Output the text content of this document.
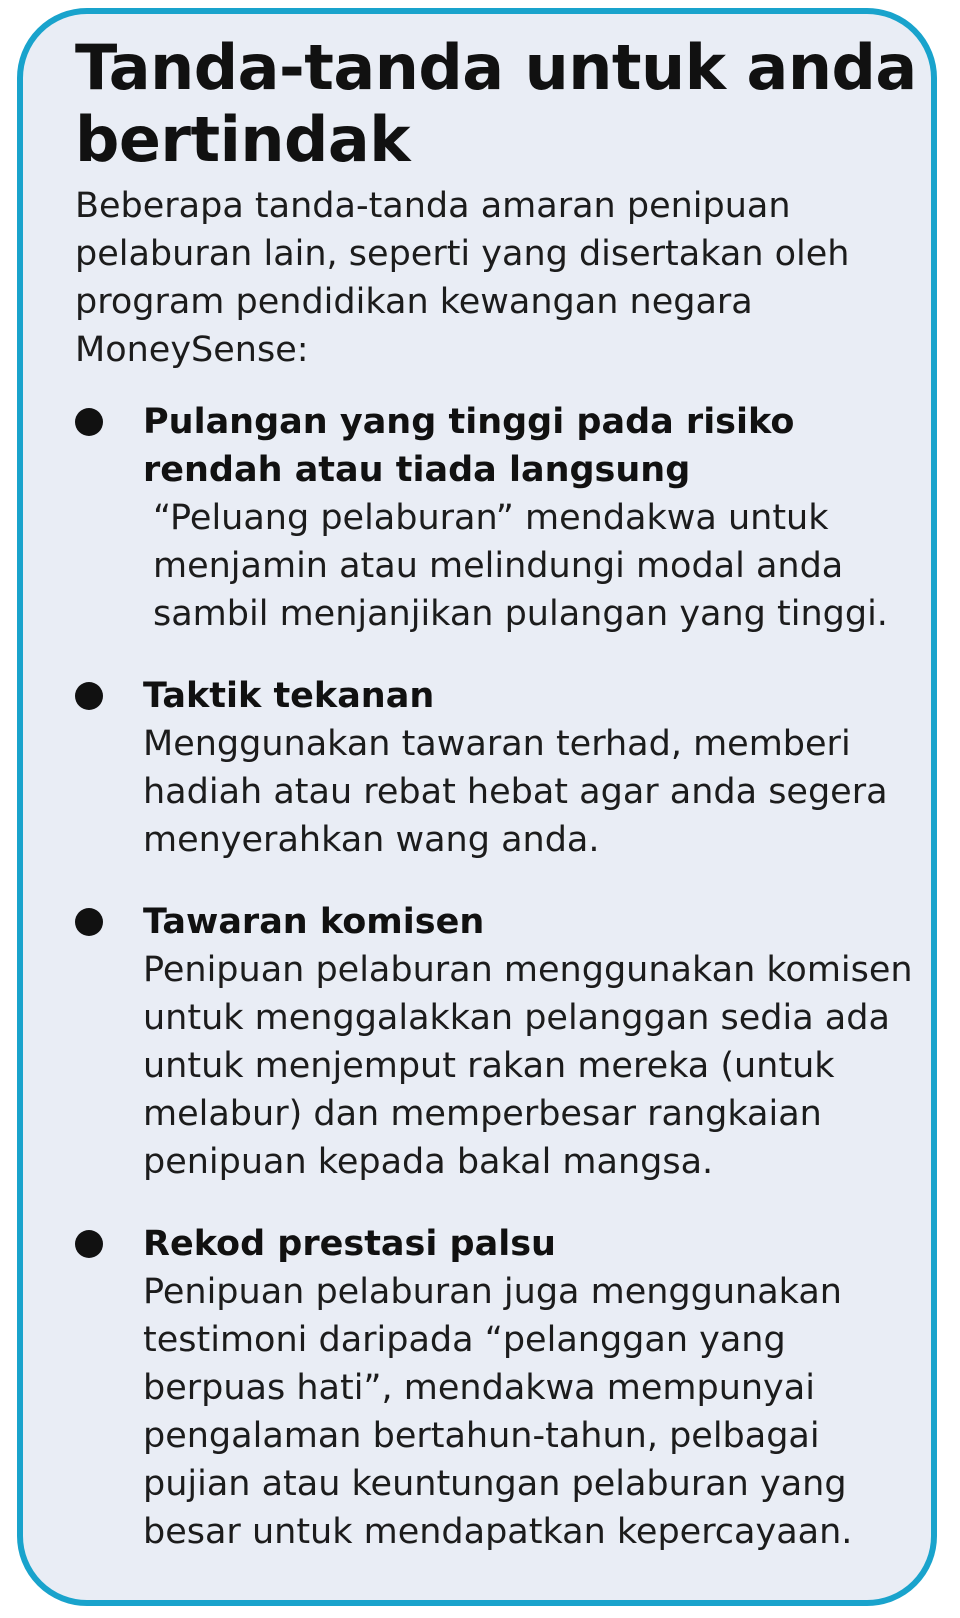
Tanda-tanda untuk anda bertindak

Beberapa tanda-tanda amaran penipuan pelaburan lain, seperti yang disertakan oleh program pendidikan kewangan negara MoneySense:

Pulangan yang tinggi pada risiko rendah atau tiada langsung
“Peluang pelaburan” mendakwa untuk menjamin atau melindungi modal anda sambil menjanjikan pulangan yang tinggi.
Taktik tekanan
Menggunakan tawaran terhad, memberi hadiah atau rebat hebat agar anda segera menyerahkan wang anda.
Tawaran komisen
Penipuan pelaburan menggunakan komisen untuk menggalakkan pelanggan sedia ada untuk menjemput rakan mereka (untuk melabur) dan memperbesar rangkaian penipuan kepada bakal mangsa.
Rekod prestasi palsu
Penipuan pelaburan juga menggunakan testimoni daripada “pelanggan yang berpuas hati”, mendakwa mempunyai pengalaman bertahun-tahun, pelbagai pujian atau keuntungan pelaburan yang besar untuk mendapatkan kepercayaan.
